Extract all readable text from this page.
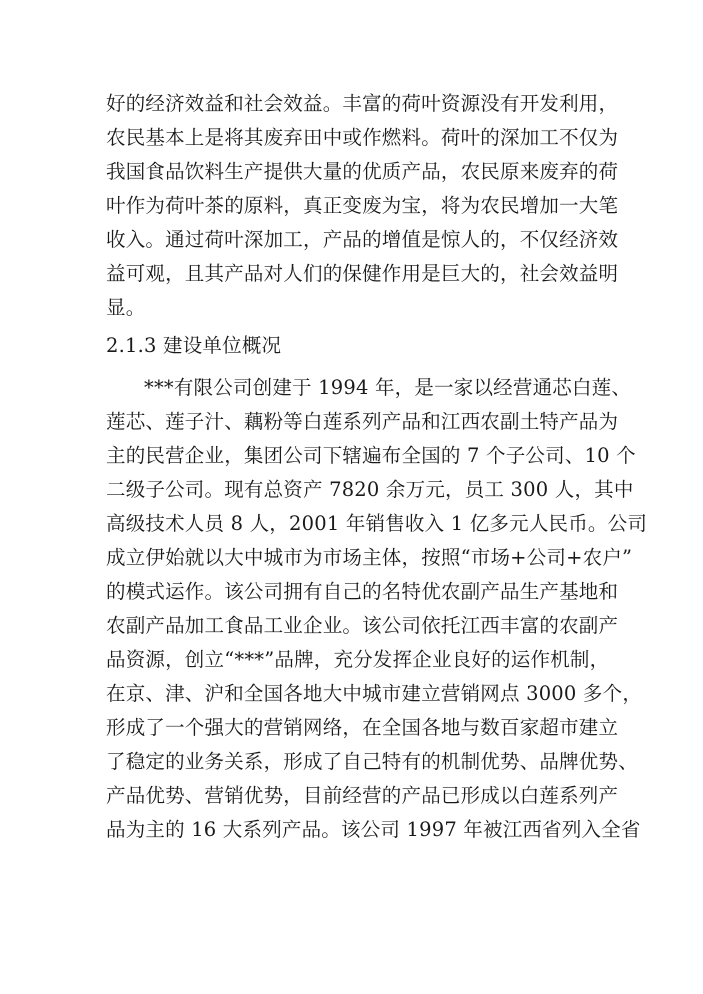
好的经济效益和社会效益。丰富的荷叶资源没有开发利用，
农民基本上是将其废弃田中或作燃料。荷叶的深加工不仅为
我国食品饮料生产提供大量的优质产品，农民原来废弃的荷
叶作为荷叶茶的原料，真正变废为宝，将为农民增加一大笔
收入。通过荷叶深加工，产品的增值是惊人的，不仅经济效
益可观，且其产品对人们的保健作用是巨大的，社会效益明
显。
2.1.3 建设单位概况
***有限公司创建于 1994 年，是一家以经营通芯白莲、
莲芯、莲子汁、藕粉等白莲系列产品和江西农副土特产品为
主的民营企业，集团公司下辖遍布全国的 7 个子公司、10 个
二级子公司。现有总资产 7820 余万元，员工 300 人，其中
高级技术人员 8 人，2001 年销售收入 1 亿多元人民币。公司
成立伊始就以大中城市为市场主体，按照“市场+公司+农户”
的模式运作。该公司拥有自己的名特优农副产品生产基地和
农副产品加工食品工业企业。该公司依托江西丰富的农副产
品资源，创立“***”品牌，充分发挥企业良好的运作机制，
在京、津、沪和全国各地大中城市建立营销网点 3000 多个，
形成了一个强大的营销网络，在全国各地与数百家超市建立
了稳定的业务关系，形成了自己特有的机制优势、品牌优势、
产品优势、营销优势，目前经营的产品已形成以白莲系列产
品为主的 16 大系列产品。该公司 1997 年被江西省列入全省
